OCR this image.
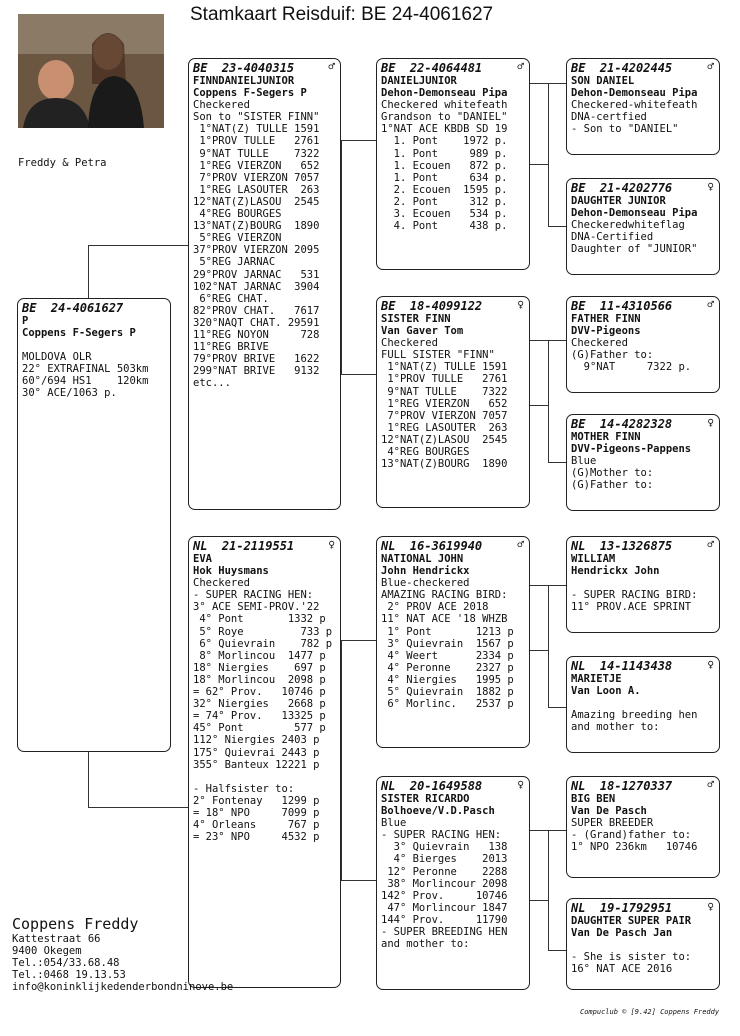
Stamkaart Reisduif: BE 24-4061627
Freddy & Petra
BE  24-4061627
P
Coppens F-Segers P
MOLDOVA OLR
22° EXTRAFINAL 503km
60°/694 HS1    120km
30° ACE/1063 p.
BE  23-4040315	♂
FINNDANIELJUNIOR
Coppens F-Segers P
Checkered
Son to "SISTER FINN"
1°NAT(Z) TULLE 1591
1°PROV TULLE   2761
9°NAT TULLE    7322
1°REG VIERZON   652
7°PROV VIERZON 7057
1°REG LASOUTER  263
12°NAT(Z)LASOU  2545
4°REG BOURGES
13°NAT(Z)BOURG  1890
5°REG VIERZON
37°PROV VIERZON 2095
5°REG JARNAC
29°PROV JARNAC   531
102°NAT JARNAC  3904
6°REG CHAT.
82°PROV CHAT.   7617
320°NAQT CHAT. 29591
11°REG NOYON     728
11°REG BRIVE
79°PROV BRIVE   1622
299°NAT BRIVE   9132
etc...
NL  21-2119551	♀
EVA
Hok Huysmans
Checkered
- SUPER RACING HEN:
3° ACE SEMI-PROV.'22
4° Pont       1332 p
5° Roye         733 p
6° Quievrain    782 p
8° Morlincou  1477 p
18° Niergies    697 p
18° Morlincou  2098 p
= 62° Prov.   10746 p
32° Niergies   2668 p
= 74° Prov.   13325 p
45° Pont        577 p
112° Niergies 2403 p
175° Quievrai 2443 p
355° Banteux 12221 p
- Halfsister to:
2° Fontenay   1299 p
= 18° NPO     7099 p
4° Orleans     767 p
= 23° NPO     4532 p
BE  22-4064481	♂
DANIELJUNIOR
Dehon-Demonseau Pipa
Checkered whitefeath
Grandson to "DANIEL"
1°NAT ACE KBDB SD 19
1. Pont    1972 p.
1. Pont     989 p.
1. Ecouen   872 p.
1. Pont     634 p.
2. Ecouen  1595 p.
2. Pont     312 p.
3. Ecouen   534 p.
4. Pont     438 p.
BE  18-4099122	♀
SISTER FINN
Van Gaver Tom
Checkered
FULL SISTER "FINN"
1°NAT(Z) TULLE 1591
1°PROV TULLE   2761
9°NAT TULLE    7322
1°REG VIERZON   652
7°PROV VIERZON 7057
1°REG LASOUTER  263
12°NAT(Z)LASOU  2545
4°REG BOURGES
13°NAT(Z)BOURG  1890
NL  16-3619940	♂
NATIONAL JOHN
John Hendrickx
Blue-checkered
AMAZING RACING BIRD:
2° PROV ACE 2018
11° NAT ACE '18 WHZB
1° Pont       1213 p
3° Quievrain  1567 p
4° Weert      2334 p
4° Peronne    2327 p
4° Niergies   1995 p
5° Quievrain  1882 p
6° Morlinc.   2537 p
NL  20-1649588	♀
SISTER RICARDO
Bolhoeve/V.D.Pasch
Blue
- SUPER RACING HEN:
3° Quievrain   138
4° Bierges    2013
12° Peronne    2288
38° Morlincour 2098
142° Prov.     10746
47° Morlincour 1847
144° Prov.     11790
- SUPER BREEDING HEN
and mother to:
BE  21-4202445	♂
SON DANIEL
Dehon-Demonseau Pipa
Checkered-whitefeath
DNA-certfied
- Son to "DANIEL"
BE  21-4202776	♀
DAUGHTER JUNIOR
Dehon-Demonseau Pipa
Checkeredwhiteflag
DNA-Certified
Daughter of "JUNIOR"
BE  11-4310566	♂
FATHER FINN
DVV-Pigeons
Checkered
(G)Father to:
9°NAT     7322 p.
BE  14-4282328	♀
MOTHER FINN
DVV-Pigeons-Pappens
Blue
(G)Mother to:
(G)Father to:
NL  13-1326875	♂
WILLIAM
Hendrickx John
- SUPER RACING BIRD:
11° PROV.ACE SPRINT
NL  14-1143438	♀
MARIETJE
Van Loon A.
Amazing breeding hen
and mother to:
NL  18-1270337	♂
BIG BEN
Van De Pasch
SUPER BREEDER
- (Grand)father to:
1° NPO 236km   10746
NL  19-1792951	♀
DAUGHTER SUPER PAIR
Van De Pasch Jan
- She is sister to:
16° NAT ACE 2016
Coppens Freddy
Kattestraat 66
9400 Okegem
Tel.:054/33.68.48
Tel.:0468 19.13.53
info@koninklijkedenderbondninove.be
Compuclub © [9.42] Coppens Freddy
